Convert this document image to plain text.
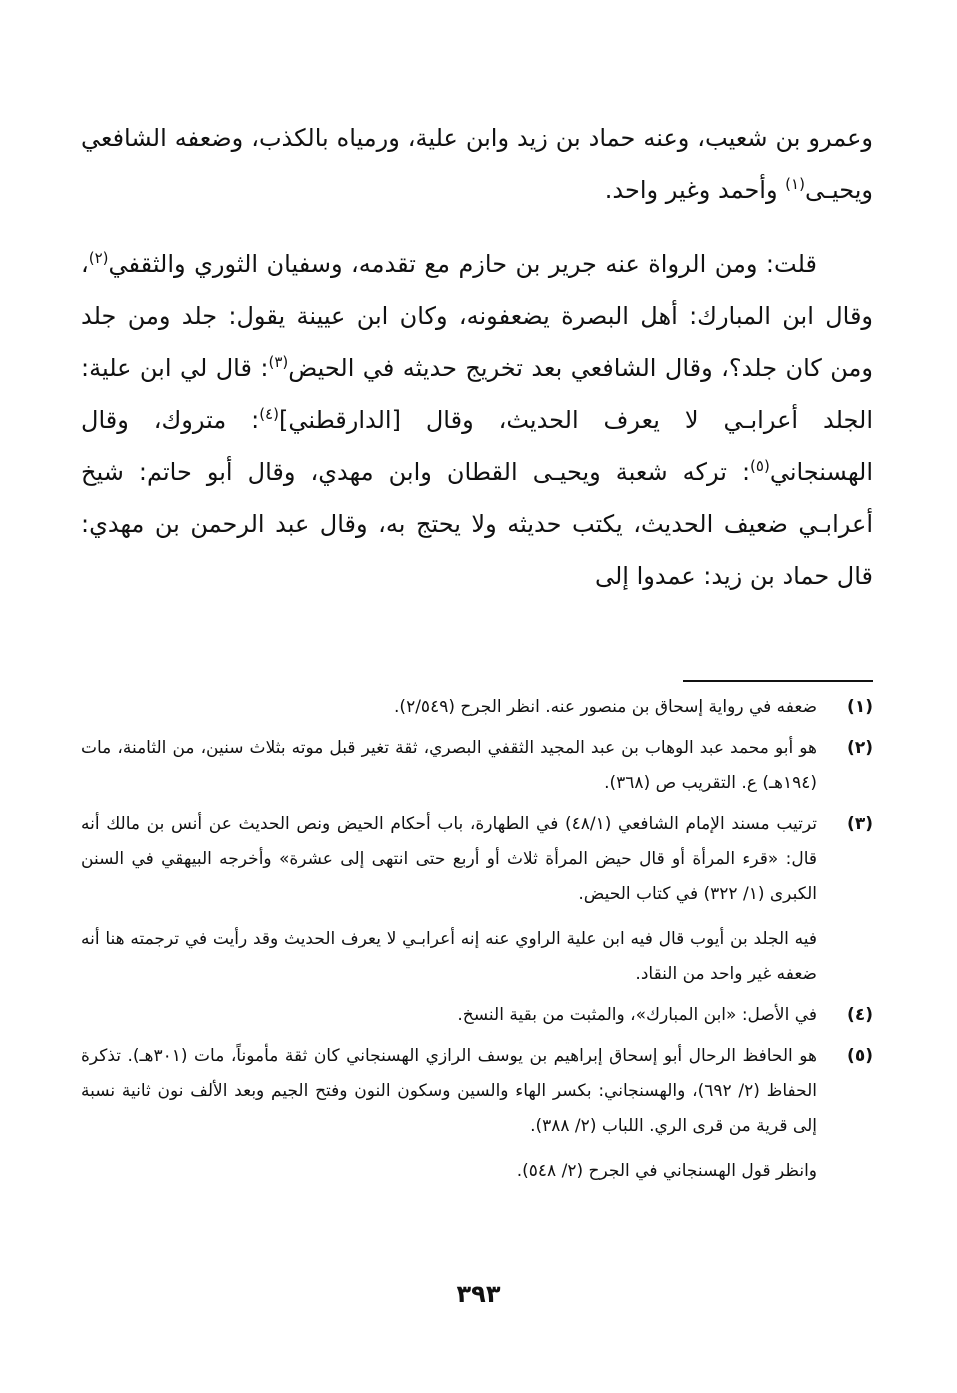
وعمرو بن شعيب، وعنه حماد بن زيد وابن علية، ورمياه بالكذب، وضعفه الشافعي ويحيـى$^{(١)}$ وأحمد وغير واحد.

قلت: ومن الرواة عنه جرير بن حازم مع تقدمه، وسفيان الثوري والثقفي$^{(٢)}$، وقال ابن المبارك: أهل البصرة يضعفونه، وكان ابن عيينة يقول: جلد ومن جلد ومن كان جلد؟، وقال الشافعي بعد تخريج حديثه في الحيض$^{(٣)}$: قال لي ابن علية: الجلد أعرابـي لا يعرف الحديث، وقال [الدارقطني]$^{(٤)}$: متروك، وقال الهسنجاني$^{(٥)}$: تركه شعبة ويحيـى القطان وابن مهدي، وقال أبو حاتم: شيخ أعرابـي ضعيف الحديث، يكتب حديثه ولا يحتج به، وقال عبد الرحمن بن مهدي: قال حماد بن زيد: عمدوا إلى

(١)

ضعفه في رواية إسحاق بن منصور عنه. انظر الجرح (٢/٥٤٩).

(٢)

هو أبو محمد عبد الوهاب بن عبد المجيد الثقفي البصري، ثقة تغير قبل موته بثلاث سنين، من الثامنة، مات (١٩٤هـ) ع. التقريب ص (٣٦٨).

(٣)

ترتيب مسند الإمام الشافعي (٤٨/١) في الطهارة، باب أحكام الحيض ونص الحديث عن أنس بن مالك أنه قال: «قرء المرأة أو قال حيض المرأة ثلاث أو أربع حتى انتهى إلى عشرة» وأخرجه البيهقي في السنن الكبرى (١/ ٣٢٢) في كتاب الحيض.

فيه الجلد بن أيوب قال فيه ابن علية الراوي عنه إنه أعرابـي لا يعرف الحديث وقد رأيت في ترجمته هنا أنه ضعفه غير واحد من النقاد.

(٤)

في الأصل: «ابن المبارك»، والمثبت من بقية النسخ.

(٥)

هو الحافظ الرحال أبو إسحاق إبراهيم بن يوسف الرازي الهسنجاني كان ثقة مأموناً، مات (٣٠١هـ). تذكرة الحفاظ (٢/ ٦٩٢)، والهسنجاني: بكسر الهاء والسين وسكون النون وفتح الجيم وبعد الألف نون ثانية نسبة إلى قرية من قرى الري. اللباب (٢/ ٣٨٨).

وانظر قول الهسنجاني في الجرح (٢/ ٥٤٨).

٣٩٣
